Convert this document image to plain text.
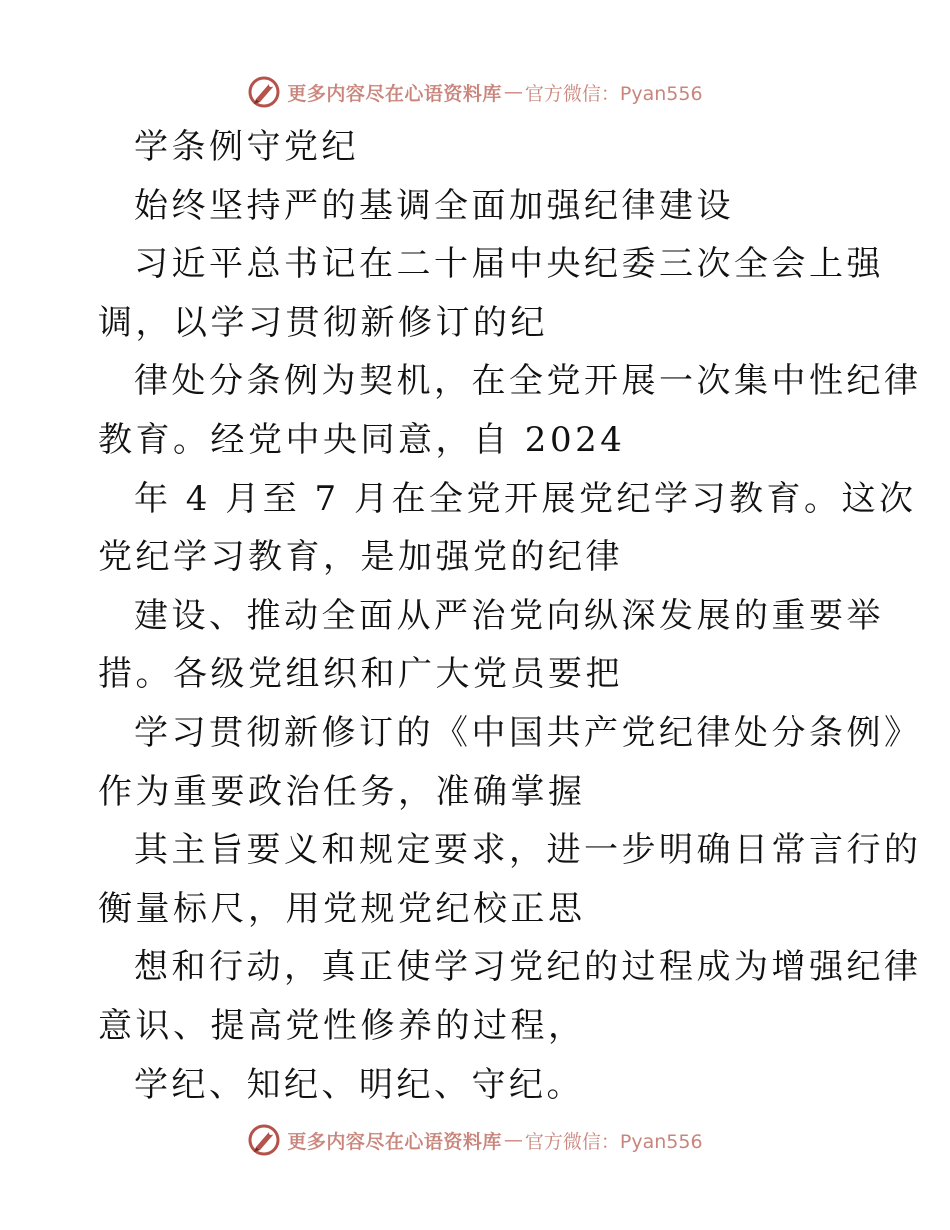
更多内容尽在心语资料库 — 官方微信：Pyan556
学条例守党纪
始终坚持严的基调全面加强纪律建设
习近平总书记在二十届中央纪委三次全会上强
调，以学习贯彻新修订的纪
律处分条例为契机，在全党开展一次集中性纪律
教育。经党中央同意，自 2024
年 4 月至 7 月在全党开展党纪学习教育。这次
党纪学习教育，是加强党的纪律
建设、推动全面从严治党向纵深发展的重要举
措。各级党组织和广大党员要把
学习贯彻新修订的《中国共产党纪律处分条例》
作为重要政治任务，准确掌握
其主旨要义和规定要求，进一步明确日常言行的
衡量标尺，用党规党纪校正思
想和行动，真正使学习党纪的过程成为增强纪律
意识、提高党性修养的过程，
学纪、知纪、明纪、守纪。
更多内容尽在心语资料库 — 官方微信：Pyan556
